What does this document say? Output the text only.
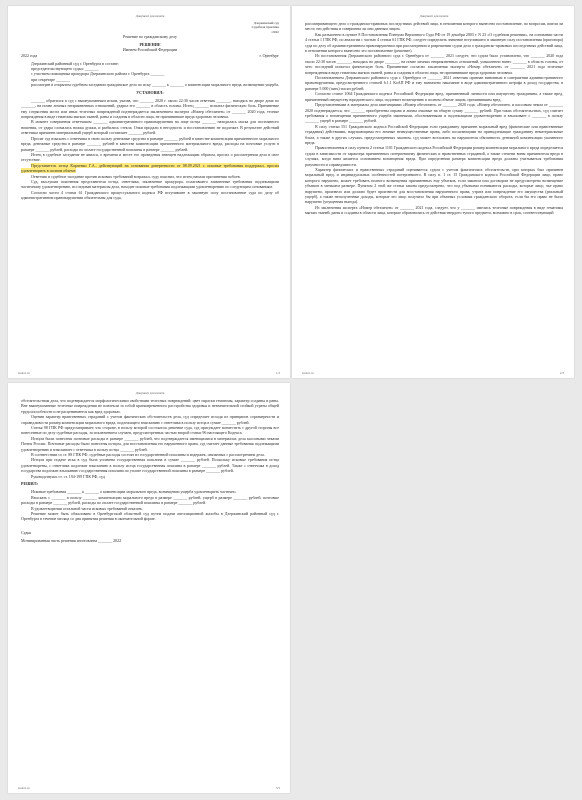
Документ для печати

Дзержинский суд

Судебная практика

/2022

Решение по гражданскому делу

РЕШЕНИЕ

Именем Российской Федерации

2022 года	г. Оренбург

Дзержинский районный суд г. Оренбурга в составе:

председательствующего судьи: _______

с участием помощника прокурора Дзержинского района г. Оренбурга _______

при секретаре _______

рассмотрев в открытом судебном заседании гражданское дело по иску _______ к _______ о компенсации морального вреда, возмещении ущерба,

УСТАНОВИЛ:

_______ обратился в суд с вышеуказанным иском, указав, что _______ 2020 г. около 22:30 часов ответчик _______, находясь во дворе дома по _______, на почве личных неприязненных отношений, ударил его _______ в область головы. Истец _______ испытал физическую боль. Причинение ему сотрясения мозга или иных телесных повреждений подтверждается заключением эксперта «Номер обезличен» от _______ 2020 года, тесные повреждения в виде гематомы мягких тканей, раны и ссадины в области лица, не причинившие вреда здоровью человека.

В момент совершения ответчиком _______ административного правонарушения на лице истца _______ находилась маска для постоянного ношения, от удара сломалась ножка дужки, и разбились стекла. Очки придали в негодность и восстановлению не подлежат. В результате действий ответчика причинен материальный ущерб который составляет _______ рублей.

Просит суд взыскать с ответчика в свою пользу денежные средства в размере _______ рублей в качестве компенсации причиненного морального вреда, денежные средства в размере _______ рублей в качестве компенсации причиненного материального вреда, расходы на почтовые услуги в размере _______ рублей, расходы по оплате государственной пошлины в размере _______ рублей.

Истец в судебное заседание не явился, о времени и месте его проведения извещен надлежащим образом, просил о рассмотрении дела в свое отсутствие.

Представитель истца Карпенко Г.А., действующий на основании доверенности от 08.09.2021 г. исковые требования поддержал, просил удовлетворить в полном объеме.

Ответчик в судебное заседание против исковых требований возражал, суду пояснил, что истец напали причинения побоев.

Суд, выслушав пояснения представителя истца, ответчика, заключение прокурора, полагавшего заявленные требования подлежащими частичному удовлетворению, исследовав материалы дела, находит исковые требования подлежащими удовлетворению по следующим основаниям.

Согласно части 4 статьи 61 Гражданского процессуального кодекса РФ вступившее в законную силу постановление суда по делу об административном правонарушении обязательны для суда,

sudact.ru	1/3

Документ для печати

рассматривающего дело о гражданско-правовых последствиях действий лица, в отношении которого вынесено постановление, по вопросам, имели ли место эти действия и совершены ли они данным лицом.

Как разъяснено в пункте 8 Постановления Пленума Верховного Суда РФ от 19 декабря 2003 г. N 23 «О судебном решении», на основании части 4 статьи 1 ГПК РФ, по аналогии с частью 4 статьи 61 ГПК РФ, следует определить значение вступившего в законную силу постановления (приговора) суда по делу об административном правонарушении при рассмотрении и разрешении судом дела о гражданско-правовых последствиях действий лица, в отношении которого вынесено это постановление (решение).

Из постановления Дзержинского районного суда г. Оренбурга от _______ 2021 следует, что судом было установлено, что _______ 2020 года около 22:30 часов _______, находясь во дворе _______, на почве личных неприязненных отношений, умышленно нанес _______ в область головы, от чего последний испытал физическую боль. Причинение согласно заключения эксперта «Номер обезличен» от _______ 2021 года телесные повреждения в виде гематомы мягких тканей, раны и ссадины в области лица, не причинившие вреда здоровью человека.

Постановлением Дзержинского районного суда г. Оренбурга от _______ 2021 ответчик признан виновным в совершении административного правонарушения, предусмотренного статьей 6.1.1 КоАП РФ и ему назначено наказание в виде административного штрафа в доход государства, в размере 5 000 (пять) тысяч рублей.

Согласно статье 1064 Гражданского кодекса Российской Федерации вред, причиненный личности или имуществу гражданина, а также вред, причиненный имуществу юридического лица, подлежит возмещению в полном объеме лицом, причинившим вред.

Представленными в материалы дела квитанциями «Номер обезличен» от _______ 2020 года, «Номер обезличен» и кассовым чеком от _______ 2020 подтверждается, что _______ приобретены оправа и линзы очковые на общую сумму _______ рублей. При таких обстоятельствах, суд считает требования о возмещении причиненного ущерба законными, обоснованными и подлежащими удовлетворению и взыскивает с _______ в пользу _______ ущерб в размере _______ рублей.

В силу статьи 151 Гражданского кодекса Российской Федерации если гражданину причинен моральный вред (физические или нравственные страдания) действиями, нарушающими его личные неимущественные права, либо посягающими на принадлежащие гражданину нематериальные блага, а также в других случаях, предусмотренных законом, суд может возложить на нарушителя обязанность денежной компенсации указанного вреда.

Правоотношения в силу пункта 2 статьи 1101 Гражданского кодекса Российской Федерации размер компенсации морального вреда определяется судом в зависимости от характера причиненных потерпевшему физических и нравственных страданий, а также степени вины причинителя вреда в случаях, когда вина является основанием возмещения вреда. При определении размера компенсации вреда должны учитываться требования разумности и справедливости.

Характер физических и нравственных страданий оценивается судом с учетом фактических обстоятельств, при которых был причинен моральный вред, и индивидуальных особенностей потерпевшего. В силу п. 1 ст. 15 Гражданского кодекса Российской Федерации лицо, право которого нарушено, может требовать полного возмещения причиненных ему убытков, если законом или договором не предусмотрено возмещение убытков в меньшем размере. Пунктом 2 этой же статьи закона предусмотрено, что под убытками понимаются расходы, которые лицо, чье право нарушено, произвело или должно будет произвести для восстановления нарушенного права, утрата или повреждение его имущества (реальный ущерб), а также неполученные доходы, которые это лицо получило бы при обычных условиях гражданского оборота, если бы его право не было нарушено (упущенная выгода).

Из заключения эксперта «Номер обезличен» от _______ 2021 года, следует, что у _______ имелись телесные повреждения в виде гематомы мягких тканей, раны и ссадины в области лица, которые образовались от действия твердого тупого предмета, возможно в срок, соответствующий

sudact.ru	2/3

Документ для печати

обстоятельствам дела, что подтверждается морфологическими свойствами телесных повреждений: цвет окраски гематомы, характер ссадины и раны. Вне вышеуказанные телесные повреждения не повлекли за собой кратковременного расстройства здоровья и незначительной стойкой утраты общей трудоспособности и не расцениваются как вред здоровью.

Оценив характер нравственных страданий с учетом фактических обстоятельств дела, суд определяет исходя из принципов соразмерности и справедливости размер компенсации морального вреда, подлежащего взысканию с ответчика в пользу истца в сумме _______ рублей.

Статья 98 ГПК РФ предусматривает, что стороне, в пользу которой состоялось решение суда, суд присуждает возместить с другой стороны все понесенные по делу судебные расходы, за исключением случаев, предусмотренных частью второй статьи 96 настоящего Кодекса.

Истцом были понесены почтовые расходы в размере _______ рублей, что подтверждается имеющимися в материалах дела кассовыми чеками Почты России. Почтовые расходы были понесены истцом, для восстановления его нарушенного права, суд считает данные требования подлежащими удовлетворению и взыскивает с ответчика в пользу истца _______ рублей.

В соответствии со ст. 88 ГПК РФ, судебные расходы состоят из государственной пошлины и издержек, связанных с рассмотрением дела.

Истцом при подаче иска в суд была уплачена государственная пошлина в сумме _______ рублей. Поскольку исковые требования истца удовлетворены, с ответчика подлежит взысканию в пользу истца государственная пошлина в размере _______ рублей. Также с ответчика в доход государства подлежит взысканию государственная пошлина по уплате государственной пошлины в размере _______ рублей.

Руководствуясь ст. ст. 194-199 ГПК РФ, суд

РЕШИЛ:

Исковые требования _______ к _______ о компенсации морального вреда, возмещении ущерба удовлетворить частично.

Взыскать с _______ в пользу _______ компенсацию морального вреда в размере _______ рублей, ущерб в размере _______ рублей, почтовые расходы в размере _______ рублей, расходы по оплате государственной пошлины в размере _______ рублей.

В удовлетворении остальной части исковых требований отказать.

Решение может быть обжаловано в Оренбургский областной суд путем подачи апелляционной жалобы в Дзержинский районный суд г. Оренбурга в течение месяца со дня принятия решения в окончательной форме.

Судья

Мотивированная часть решения изготовлена _______ 2022

sudact.ru	3/3
